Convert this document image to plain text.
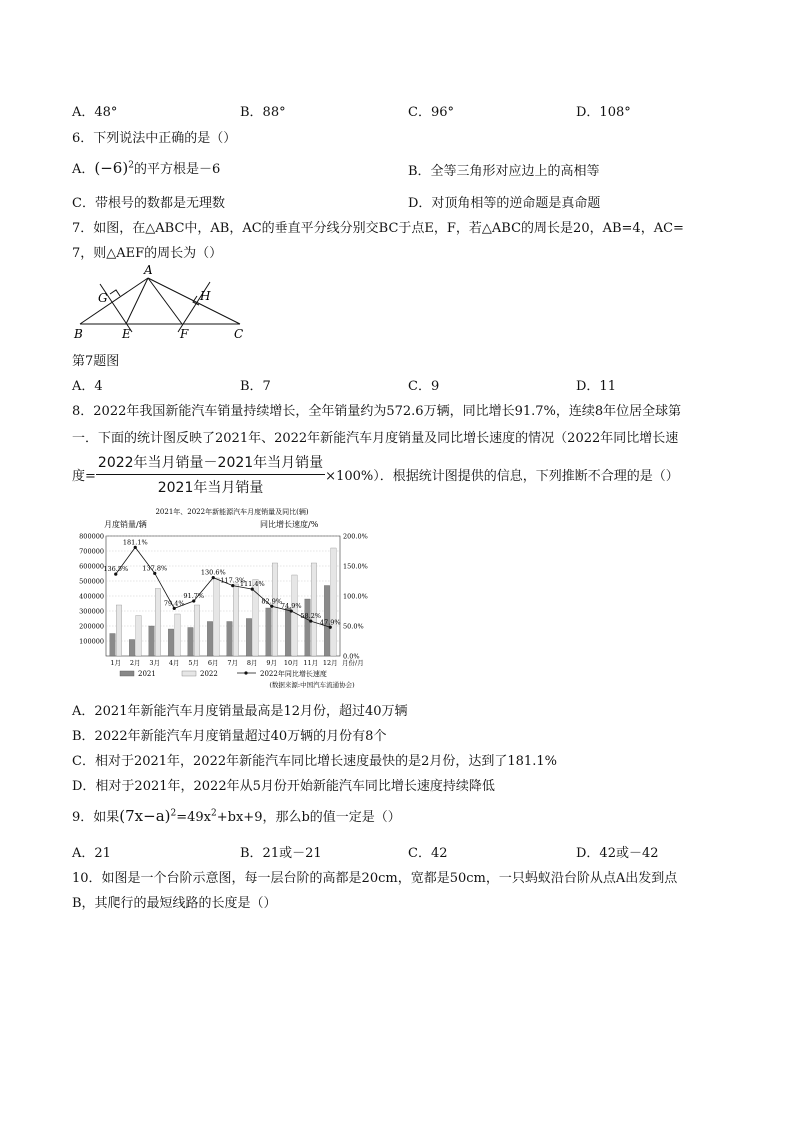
A．48°	B．88°	C．96°	D．108°
6．下列说法中正确的是（）
A．$(-6)^2$的平方根是－6	B．全等三角形对应边上的高相等
C．带根号的数都是无理数	D．对顶角相等的逆命题是真命题
7．如图，在△ABC中，AB，AC的垂直平分线分别交BC于点E，F，若△ABC的周长是20，AB=4，AC=
7，则△AEF的周长为（）
A
B	C
E	F
G	H
第7题图
A．4	B．7	C．9	D．11
8．2022年我国新能汽车销量持续增长，全年销量约为572.6万辆，同比增长91.7%，连续8年位居全球第
一．下面的统计图反映了2021年、2022年新能汽车月度销量及同比增长速度的情况（2022年同比增长速
度= $\frac{\text{2022年当月销量－2021年当月销量}}{\text{2021年当月销量}} \times 100\%$）．根据统计图提供的信息，下列推断不合理的是（）
2021年、2022年新能源汽车月度销量及同比(辆)
月度销量/辆	同比增长速度/%
800000
700000
600000
500000
400000
300000
200000
100000
200.0%
150.0%
100.0%
50.0%
0.0%
1月 2月 3月 4月 5月 6月 7月 8月 9月 10月 11月 12月 月份/月
136.5%
181.1%
137.8%
79.4%
91.7%
130.6%
117.3%
111.4%
82.9%
74.9%
58.2%
47.9%
2021	2022	2022年同比增长速度
(数据来源:中国汽车流通协会)
A．2021年新能汽车月度销量最高是12月份，超过40万辆
B．2022年新能汽车月度销量超过40万辆的月份有8个
C．相对于2021年，2022年新能汽车同比增长速度最快的是2月份，达到了181.1%
D．相对于2021年，2022年从5月份开始新能汽车同比增长速度持续降低
9．如果$(7x-a)^2=49x^2+bx+9$，那么b的值一定是（）
A．21	B．21或－21	C．42	D．42或－42
10．如图是一个台阶示意图，每一层台阶的高都是20cm，宽都是50cm，一只蚂蚁沿台阶从点A出发到点
B，其爬行的最短线路的长度是（）
